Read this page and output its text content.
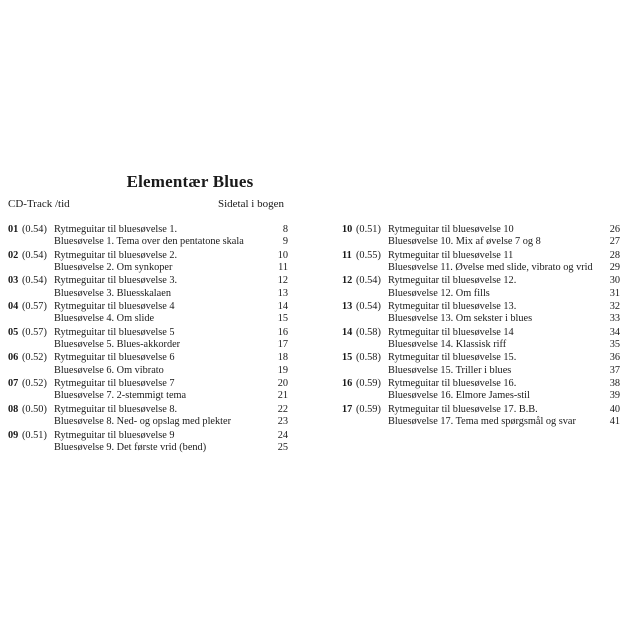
Elementær Blues
CD-Track /tid	Sidetal i bogen
01 (0.54) Rytmeguitar til bluesøvelse 1.	8
Bluesøvelse 1. Tema over den pentatone skala	9
02 (0.54) Rytmeguitar til bluesøvelse 2.	10
Bluesøvelse 2. Om synkoper	11
03 (0.54) Rytmeguitar til bluesøvelse 3.	12
Bluesøvelse 3. Bluesskalaen	13
04 (0.57) Rytmeguitar til bluesøvelse 4	14
Bluesøvelse 4. Om slide	15
05 (0.57) Rytmeguitar til bluesøvelse 5	16
Bluesøvelse 5. Blues-akkorder	17
06 (0.52) Rytmeguitar til bluesøvelse 6	18
Bluesøvelse 6. Om vibrato	19
07 (0.52) Rytmeguitar til bluesøvelse 7	20
Bluesøvelse 7. 2-stemmigt tema	21
08 (0.50) Rytmeguitar til bluesøvelse 8.	22
Bluesøvelse 8. Ned- og opslag med plekter	23
09 (0.51) Rytmeguitar til bluesøvelse 9	24
Bluesøvelse 9. Det første vrid (bend)	25
10 (0.51) Rytmeguitar til bluesøvelse 10	26
Bluesøvelse 10. Mix af øvelse 7 og 8	27
11 (0.55) Rytmeguitar til bluesøvelse 11	28
Bluesøvelse 11. Øvelse med slide, vibrato og vrid 29
12 (0.54) Rytmeguitar til bluesøvelse 12.	30
Bluesøvelse 12. Om fills	31
13 (0.54) Rytmeguitar til bluesøvelse 13.	32
Bluesøvelse 13. Om sekster i blues	33
14 (0.58) Rytmeguitar til bluesøvelse 14	34
Bluesøvelse 14. Klassisk riff	35
15 (0.58) Rytmeguitar til bluesøvelse 15.	36
Bluesøvelse 15. Triller i blues	37
16 (0.59) Rytmeguitar til bluesøvelse 16.	38
Bluesøvelse 16. Elmore James-stil	39
17 (0.59) Rytmeguitar til bluesøvelse 17. B.B.	40
Bluesøvelse 17. Tema med spørgsmål og svar	41
